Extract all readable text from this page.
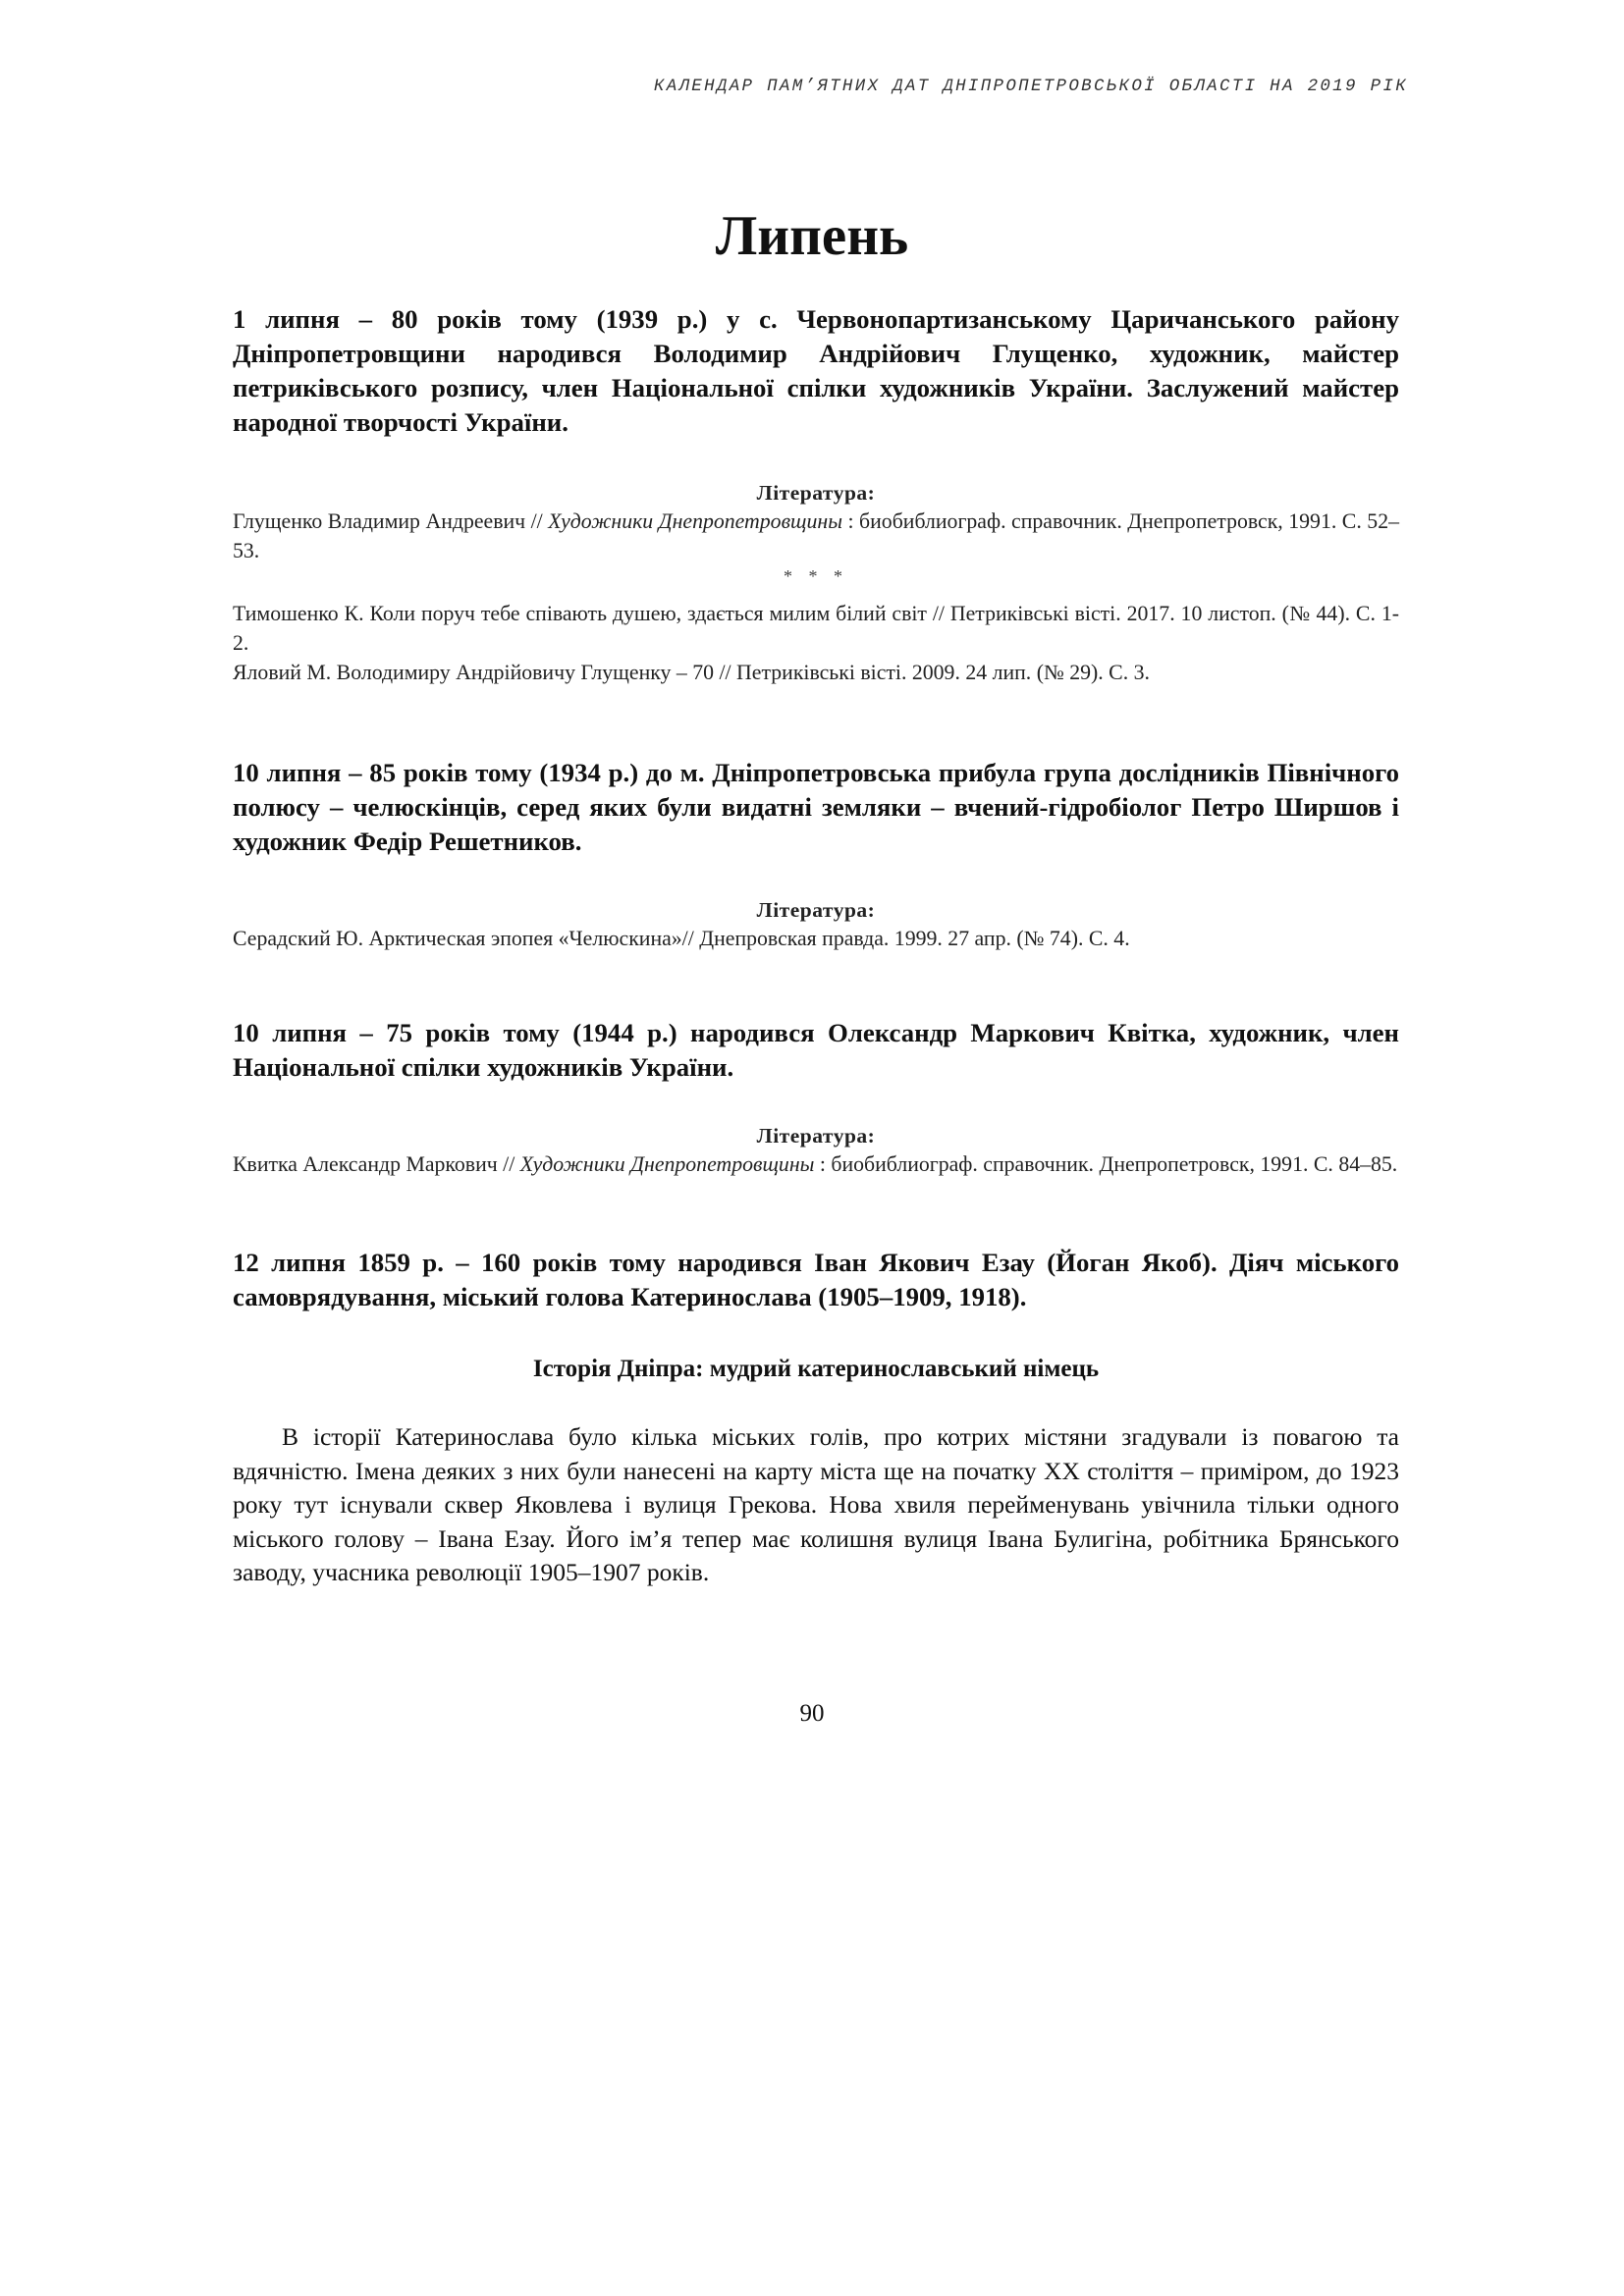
КАЛЕНДАР ПАМ’ЯТНИХ ДАТ ДНІПРОПЕТРОВСЬКОЇ ОБЛАСТІ НА 2019 РІК
Липень

1 липня – 80 років тому (1939 р.) у с. Червонопартизанському Царичанського району Дніпропетровщини народився Володимир Андрійович Глущенко, художник, майстер петриківського розпису, член Національної спілки художників України. Заслужений майстер народної творчості України.

Література:

Глущенко Владимир Андреевич // Художники Днепропетровщины : биобиблиограф. справочник. Днепропетровск, 1991. С. 52–53.

* * *

Тимошенко К. Коли поруч тебе співають душею, здається милим білий світ // Петриківські вісті. 2017. 10 листоп. (№ 44). С. 1-2.

Яловий М. Володимиру Андрійовичу Глущенку – 70 // Петриківські вісті. 2009. 24 лип. (№ 29). С. 3.

10 липня – 85 років тому (1934 р.) до м. Дніпропетровська прибула група дослідників Північного полюсу – челюскінців, серед яких були видатні земляки – вчений-гідробіолог Петро Ширшов і художник Федір Решетников.

Література:

Серадский Ю. Арктическая эпопея «Челюскина»// Днепровская правда. 1999. 27 апр. (№ 74). С. 4.

10 липня – 75 років тому (1944 р.) народився Олександр Маркович Квітка, художник, член Національної спілки художників України.

Література:

Квитка Александр Маркович // Художники Днепропетровщины : биобиблиограф. справочник. Днепропетровск, 1991. С. 84–85.

12 липня 1859 р. – 160 років тому народився Іван Якович Езау (Йоган Якоб). Діяч міського самоврядування, міський голова Катеринослава (1905–1909, 1918).

Історія Дніпра: мудрий катеринославський німець

В історії Катеринослава було кілька міських голів, про котрих містяни згадували із повагою та вдячністю. Імена деяких з них були нанесені на карту міста ще на початку XX століття – приміром, до 1923 року тут існували сквер Яковлева і вулиця Грекова. Нова хвиля перейменувань увічнила тільки одного міського голову – Івана Езау. Його ім’я тепер має колишня вулиця Івана Булигіна, робітника Брянського заводу, учасника революції 1905–1907 років.

90
